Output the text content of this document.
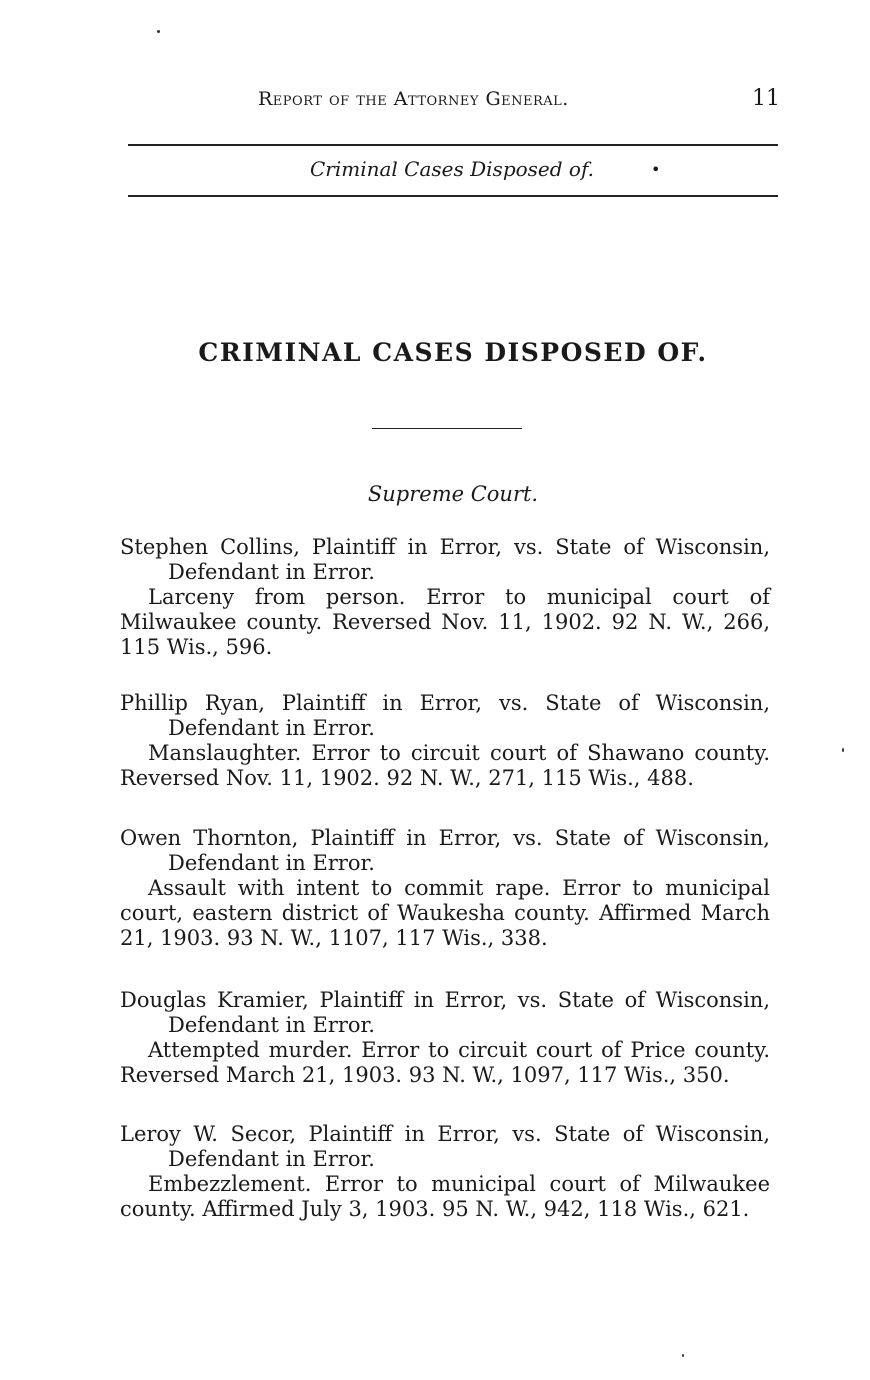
Report of the Attorney General.	11
Criminal Cases Disposed of.	•
CRIMINAL CASES DISPOSED OF.
Supreme Court.

Stephen Collins, Plaintiff in Error, vs. State of Wisconsin, Defendant in Error.

Larceny from person. Error to municipal court of Milwaukee county. Reversed Nov. 11, 1902. 92 N. W., 266, 115 Wis., 596.

Phillip Ryan, Plaintiff in Error, vs. State of Wisconsin, Defendant in Error.

Manslaughter. Error to circuit court of Shawano county. Reversed Nov. 11, 1902. 92 N. W., 271, 115 Wis., 488.

Owen Thornton, Plaintiff in Error, vs. State of Wisconsin, Defendant in Error.

Assault with intent to commit rape. Error to municipal court, eastern district of Waukesha county. Affirmed March 21, 1903. 93 N. W., 1107, 117 Wis., 338.

Douglas Kramier, Plaintiff in Error, vs. State of Wisconsin, Defendant in Error.

Attempted murder. Error to circuit court of Price county. Reversed March 21, 1903. 93 N. W., 1097, 117 Wis., 350.

Leroy W. Secor, Plaintiff in Error, vs. State of Wisconsin, Defendant in Error.

Embezzlement. Error to municipal court of Milwaukee county. Affirmed July 3, 1903. 95 N. W., 942, 118 Wis., 621.
